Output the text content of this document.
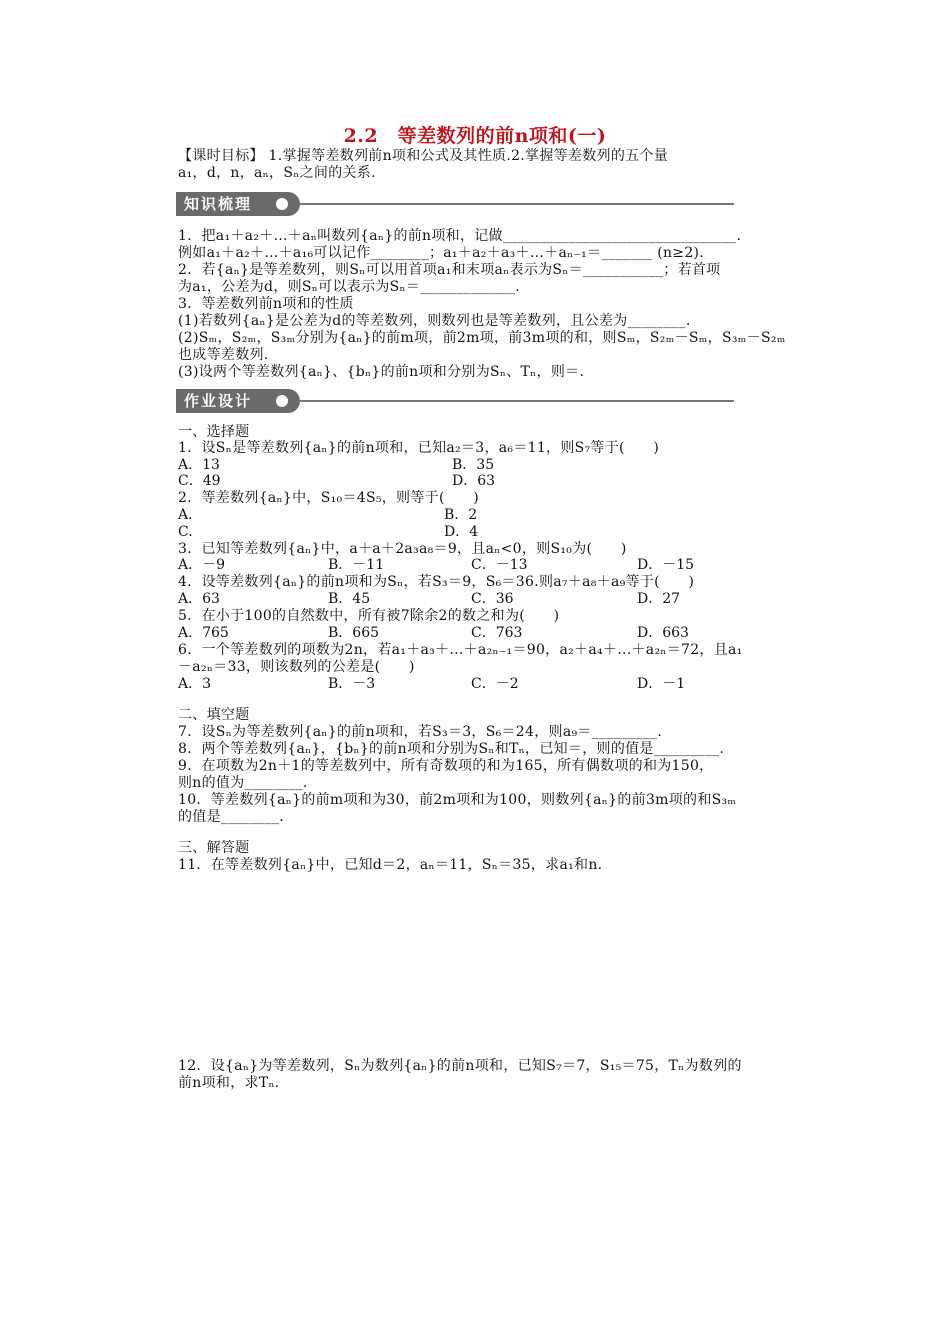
2.2　等差数列的前n项和(一)
【课时目标】 1.掌握等差数列前n项和公式及其性质.2.掌握等差数列的五个量
a₁，d，n，aₙ，Sₙ之间的关系.
知识梳理
1．把a₁＋a₂＋…＋aₙ叫数列{aₙ}的前n项和，记做________________________________.
例如a₁＋a₂＋…＋a₁₆可以记作________；a₁＋a₂＋a₃＋…＋aₙ₋₁＝_______ (n≥2).
2．若{aₙ}是等差数列，则Sₙ可以用首项a₁和末项aₙ表示为Sₙ＝___________；若首项
为a₁，公差为d，则Sₙ可以表示为Sₙ＝_____________.
3．等差数列前n项和的性质
(1)若数列{aₙ}是公差为d的等差数列，则数列也是等差数列，且公差为________.
(2)Sₘ，S₂ₘ，S₃ₘ分别为{aₙ}的前m项，前2m项，前3m项的和，则Sₘ，S₂ₘ－Sₘ，S₃ₘ－S₂ₘ
也成等差数列.
(3)设两个等差数列{aₙ}、{bₙ}的前n项和分别为Sₙ、Tₙ，则＝.
作业设计
一、选择题
1．设Sₙ是等差数列{aₙ}的前n项和，已知a₂＝3，a₆＝11，则S₇等于(　　)
A．13	B．35
C．49	D．63
2．等差数列{aₙ}中，S₁₀＝4S₅，则等于(　　)
A.	B．2
C.	D．4
3．已知等差数列{aₙ}中，a＋a＋2a₃a₈＝9，且aₙ<0，则S₁₀为(　　)
A．－9	B．－11	C．－13	D．－15
4．设等差数列{aₙ}的前n项和为Sₙ，若S₃＝9，S₆＝36.则a₇＋a₈＋a₉等于(　　)
A．63	B．45	C．36	D．27
5．在小于100的自然数中，所有被7除余2的数之和为(　　)
A．765	B．665	C．763	D．663
6．一个等差数列的项数为2n，若a₁＋a₃＋…＋a₂ₙ₋₁＝90，a₂＋a₄＋…＋a₂ₙ＝72，且a₁
－a₂ₙ＝33，则该数列的公差是(　　)
A．3	B．－3	C．－2	D．－1
二、填空题
7．设Sₙ为等差数列{aₙ}的前n项和，若S₃＝3，S₆＝24，则a₉＝_________.
8．两个等差数列{aₙ}，{bₙ}的前n项和分别为Sₙ和Tₙ，已知＝，则的值是_________.
9．在项数为2n＋1的等差数列中，所有奇数项的和为165，所有偶数项的和为150，
则n的值为________.
10．等差数列{aₙ}的前m项和为30，前2m项和为100，则数列{aₙ}的前3m项的和S₃ₘ
的值是________.
三、解答题
11．在等差数列{aₙ}中，已知d＝2，aₙ＝11，Sₙ＝35，求a₁和n.
12．设{aₙ}为等差数列，Sₙ为数列{aₙ}的前n项和，已知S₇＝7，S₁₅＝75，Tₙ为数列的
前n项和，求Tₙ.
